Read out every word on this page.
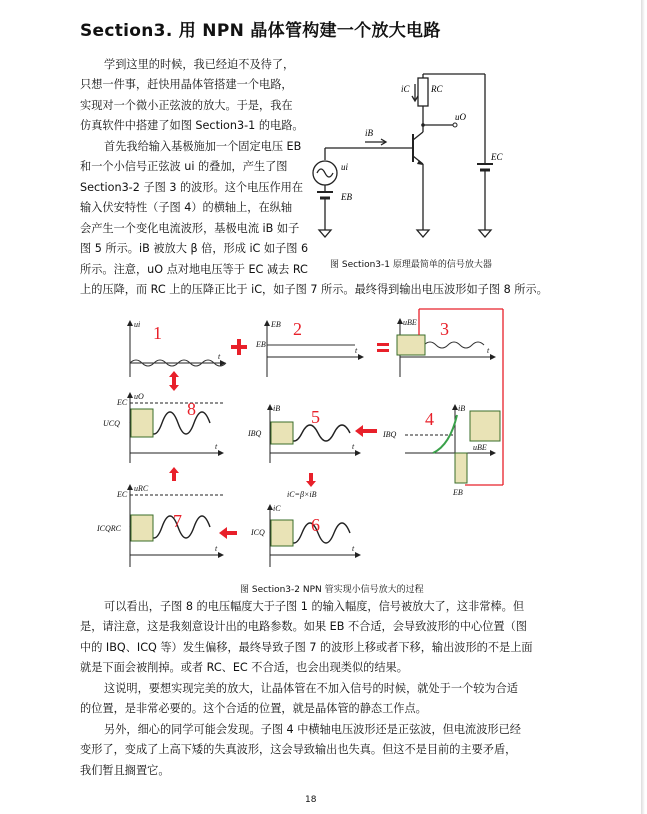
Section3. 用 NPN 晶体管构建一个放大电路
学到这里的时候，我已经迫不及待了，
只想一件事，赶快用晶体管搭建一个电路，
实现对一个微小正弦波的放大。于是，我在
仿真软件中搭建了如图 Section3-1 的电路。
首先我给输入基极施加一个固定电压 EB
和一个小信号正弦波 ui 的叠加，产生了图
Section3-2 子图 3 的波形。这个电压作用在
输入伏安特性（子图 4）的横轴上，在纵轴
会产生一个变化电流波形，基极电流 iB 如子
图 5 所示。iB 被放大 β 倍，形成 iC 如子图 6
所示。注意，uO 点对地电压等于 EC 减去 RC
上的压降，而 RC 上的压降正比于 iC，如子图 7 所示。最终得到输出电压波形如子图 8 所示。
iC RC
uO
iB
ui
EB
EC
图 Section3-1 原理最简单的信号放大器
1	2	3
4
5
6
7
8
ui
t
EB
EB
t
uBE
t
uO
EC
UCQ
t
iB
IBQ
t
iB
IBQ
uBE
EB
uRC
EC
ICQRC
t
iC
ICQ
t
iC=β×iB
图 Section3-2 NPN 管实现小信号放大的过程
可以看出，子图 8 的电压幅度大于子图 1 的输入幅度，信号被放大了，这非常棒。但
是，请注意，这是我刻意设计出的电路参数。如果 EB 不合适，会导致波形的中心位置（图
中的 IBQ、ICQ 等）发生偏移，最终导致子图 7 的波形上移或者下移，输出波形的不是上面
就是下面会被削掉。或者 RC、EC 不合适，也会出现类似的结果。
这说明，要想实现完美的放大，让晶体管在不加入信号的时候，就处于一个较为合适
的位置，是非常必要的。这个合适的位置，就是晶体管的静态工作点。
另外，细心的同学可能会发现。子图 4 中横轴电压波形还是正弦波，但电流波形已经
变形了，变成了上高下矮的失真波形，这会导致输出也失真。但这不是目前的主要矛盾，
我们暂且搁置它。
18
